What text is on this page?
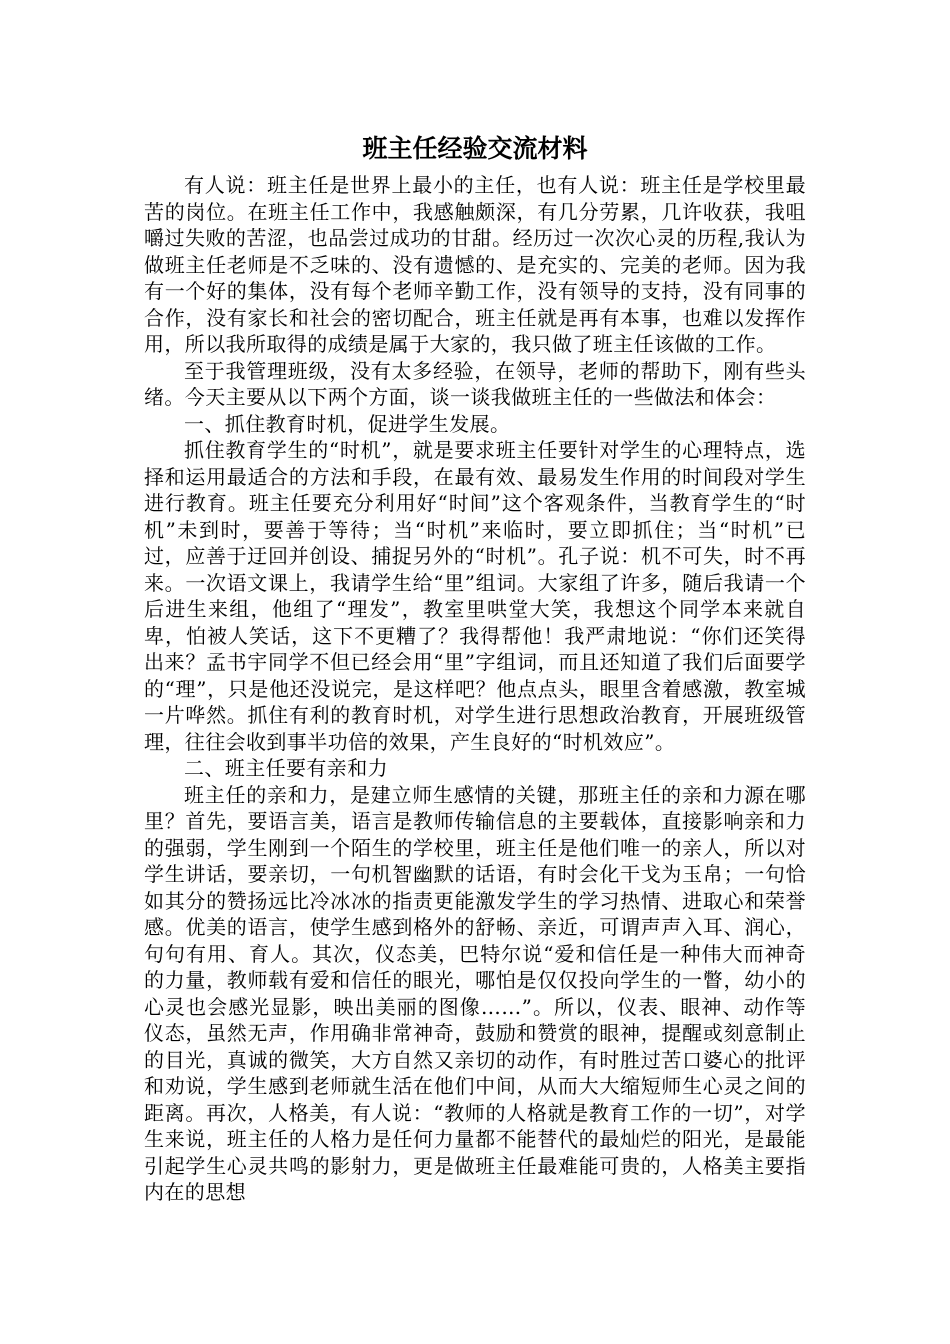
班主任经验交流材料

有人说：班主任是世界上最小的主任，也有人说：班主任是学校里最苦的岗位。在班主任工作中，我感触颇深，有几分劳累，几许收获，我咀嚼过失败的苦涩，也品尝过成功的甘甜。经历过一次次心灵的历程,我认为做班主任老师是不乏味的、没有遗憾的、是充实的、完美的老师。因为我有一个好的集体，没有每个老师辛勤工作，没有领导的支持，没有同事的合作，没有家长和社会的密切配合，班主任就是再有本事，也难以发挥作用，所以我所取得的成绩是属于大家的，我只做了班主任该做的工作。

至于我管理班级，没有太多经验，在领导，老师的帮助下，刚有些头绪。今天主要从以下两个方面，谈一谈我做班主任的一些做法和体会：

一、抓住教育时机，促进学生发展。

抓住教育学生的“时机”，就是要求班主任要针对学生的心理特点，选择和运用最适合的方法和手段，在最有效、最易发生作用的时间段对学生进行教育。班主任要充分利用好“时间”这个客观条件，当教育学生的“时机”未到时，要善于等待；当“时机”来临时，要立即抓住；当“时机”已过，应善于迂回并创设、捕捉另外的“时机”。孔子说：机不可失，时不再来。一次语文课上，我请学生给“里”组词。大家组了许多，随后我请一个后进生来组，他组了“理发”，教室里哄堂大笑，我想这个同学本来就自卑，怕被人笑话，这下不更糟了？我得帮他！我严肃地说：“你们还笑得出来？孟书宇同学不但已经会用“里”字组词，而且还知道了我们后面要学的“理”，只是他还没说完，是这样吧？他点点头，眼里含着感激，教室城一片哗然。抓住有利的教育时机，对学生进行思想政治教育，开展班级管理，往往会收到事半功倍的效果，产生良好的“时机效应”。

二、班主任要有亲和力

班主任的亲和力，是建立师生感情的关键，那班主任的亲和力源在哪里？首先，要语言美，语言是教师传输信息的主要载体，直接影响亲和力的强弱，学生刚到一个陌生的学校里，班主任是他们唯一的亲人，所以对学生讲话，要亲切，一句机智幽默的话语，有时会化干戈为玉帛；一句恰如其分的赞扬远比冷冰冰的指责更能激发学生的学习热情、进取心和荣誉感。优美的语言，使学生感到格外的舒畅、亲近，可谓声声入耳、润心，句句有用、育人。其次，仪态美，巴特尔说“爱和信任是一种伟大而神奇的力量，教师载有爱和信任的眼光，哪怕是仅仅投向学生的一瞥，幼小的心灵也会感光显影，映出美丽的图像……”。所以，仪表、眼神、动作等仪态，虽然无声，作用确非常神奇，鼓励和赞赏的眼神，提醒或刻意制止的目光，真诚的微笑，大方自然又亲切的动作，有时胜过苦口婆心的批评和劝说，学生感到老师就生活在他们中间，从而大大缩短师生心灵之间的距离。再次，人格美，有人说：“教师的人格就是教育工作的一切”，对学生来说，班主任的人格力是任何力量都不能替代的最灿烂的阳光，是最能引起学生心灵共鸣的影射力，更是做班主任最难能可贵的，人格美主要指内在的思想
